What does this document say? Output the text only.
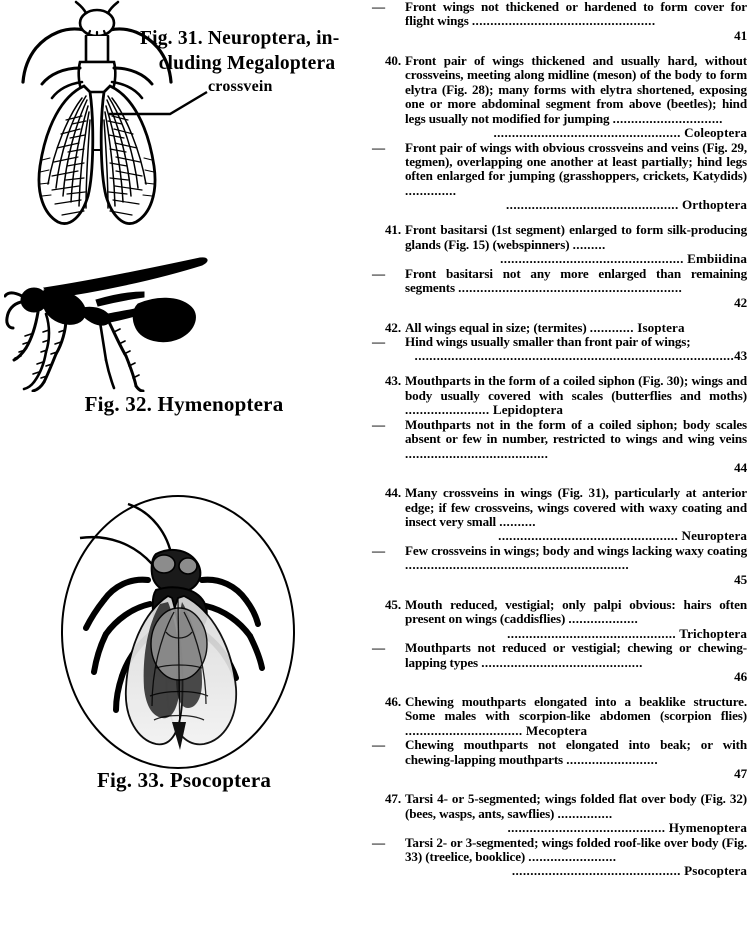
Fig. 31. Neuroptera, in-
cluding Megaloptera
crossvein
Fig. 32. Hymenoptera
Fig. 33. Psocoptera
—	Front wings not thickened or hardened to form cover for flight wings ..................................................
41
40. Front pair of wings thickened and usually hard, without crossveins, meeting along midline (meson) of the body to form elytra (Fig. 28); many forms with elytra shortened, exposing one or more abdominal segment from above (beetles); hind legs usually not modified for jumping ..............................
................................................... Coleoptera
—	Front pair of wings with obvious crossveins and veins (Fig. 29, tegmen), overlapping one another at least partially; hind legs often enlarged for jumping (grasshoppers, crickets, Katydids) ..............
............................................... Orthoptera
41. Front basitarsi (1st segment) enlarged to form silk-producing glands (Fig. 15) (webspinners) .........
.................................................. Embiidina
—	Front basitarsi not any more enlarged than remaining segments .............................................................
42
42. All wings equal in size; (termites) ............ Isoptera
—	Hind wings usually smaller than front pair of wings;
.......................................................................................43
43. Mouthparts in the form of a coiled siphon (Fig. 30); wings and body usually covered with scales (butterflies and moths) ....................... Lepidoptera
—	Mouthparts not in the form of a coiled siphon; body scales absent or few in number, restricted to wings and wing veins .......................................
44
44. Many crossveins in wings (Fig. 31), particularly at anterior edge; if few crossveins, wings covered with waxy coating and insect very small ..........
................................................. Neuroptera
—	Few crossveins in wings; body and wings lacking waxy coating .............................................................
45
45. Mouth reduced, vestigial; only palpi obvious: hairs often present on wings (caddisflies) ...................
.............................................. Trichoptera
—	Mouthparts not reduced or vestigial; chewing or chewing-lapping types ............................................
46
46. Chewing mouthparts elongated into a beaklike structure. Some males with scorpion-like abdomen (scorpion flies) ................................ Mecoptera
—	Chewing mouthparts not elongated into beak; or with chewing-lapping mouthparts .........................
47
47. Tarsi 4- or 5-segmented; wings folded flat over body (Fig. 32) (bees, wasps, ants, sawflies) ...............
........................................... Hymenoptera
—	Tarsi 2- or 3-segmented; wings folded roof-like over body (Fig. 33) (treelice, booklice) ........................
.............................................. Psocoptera
